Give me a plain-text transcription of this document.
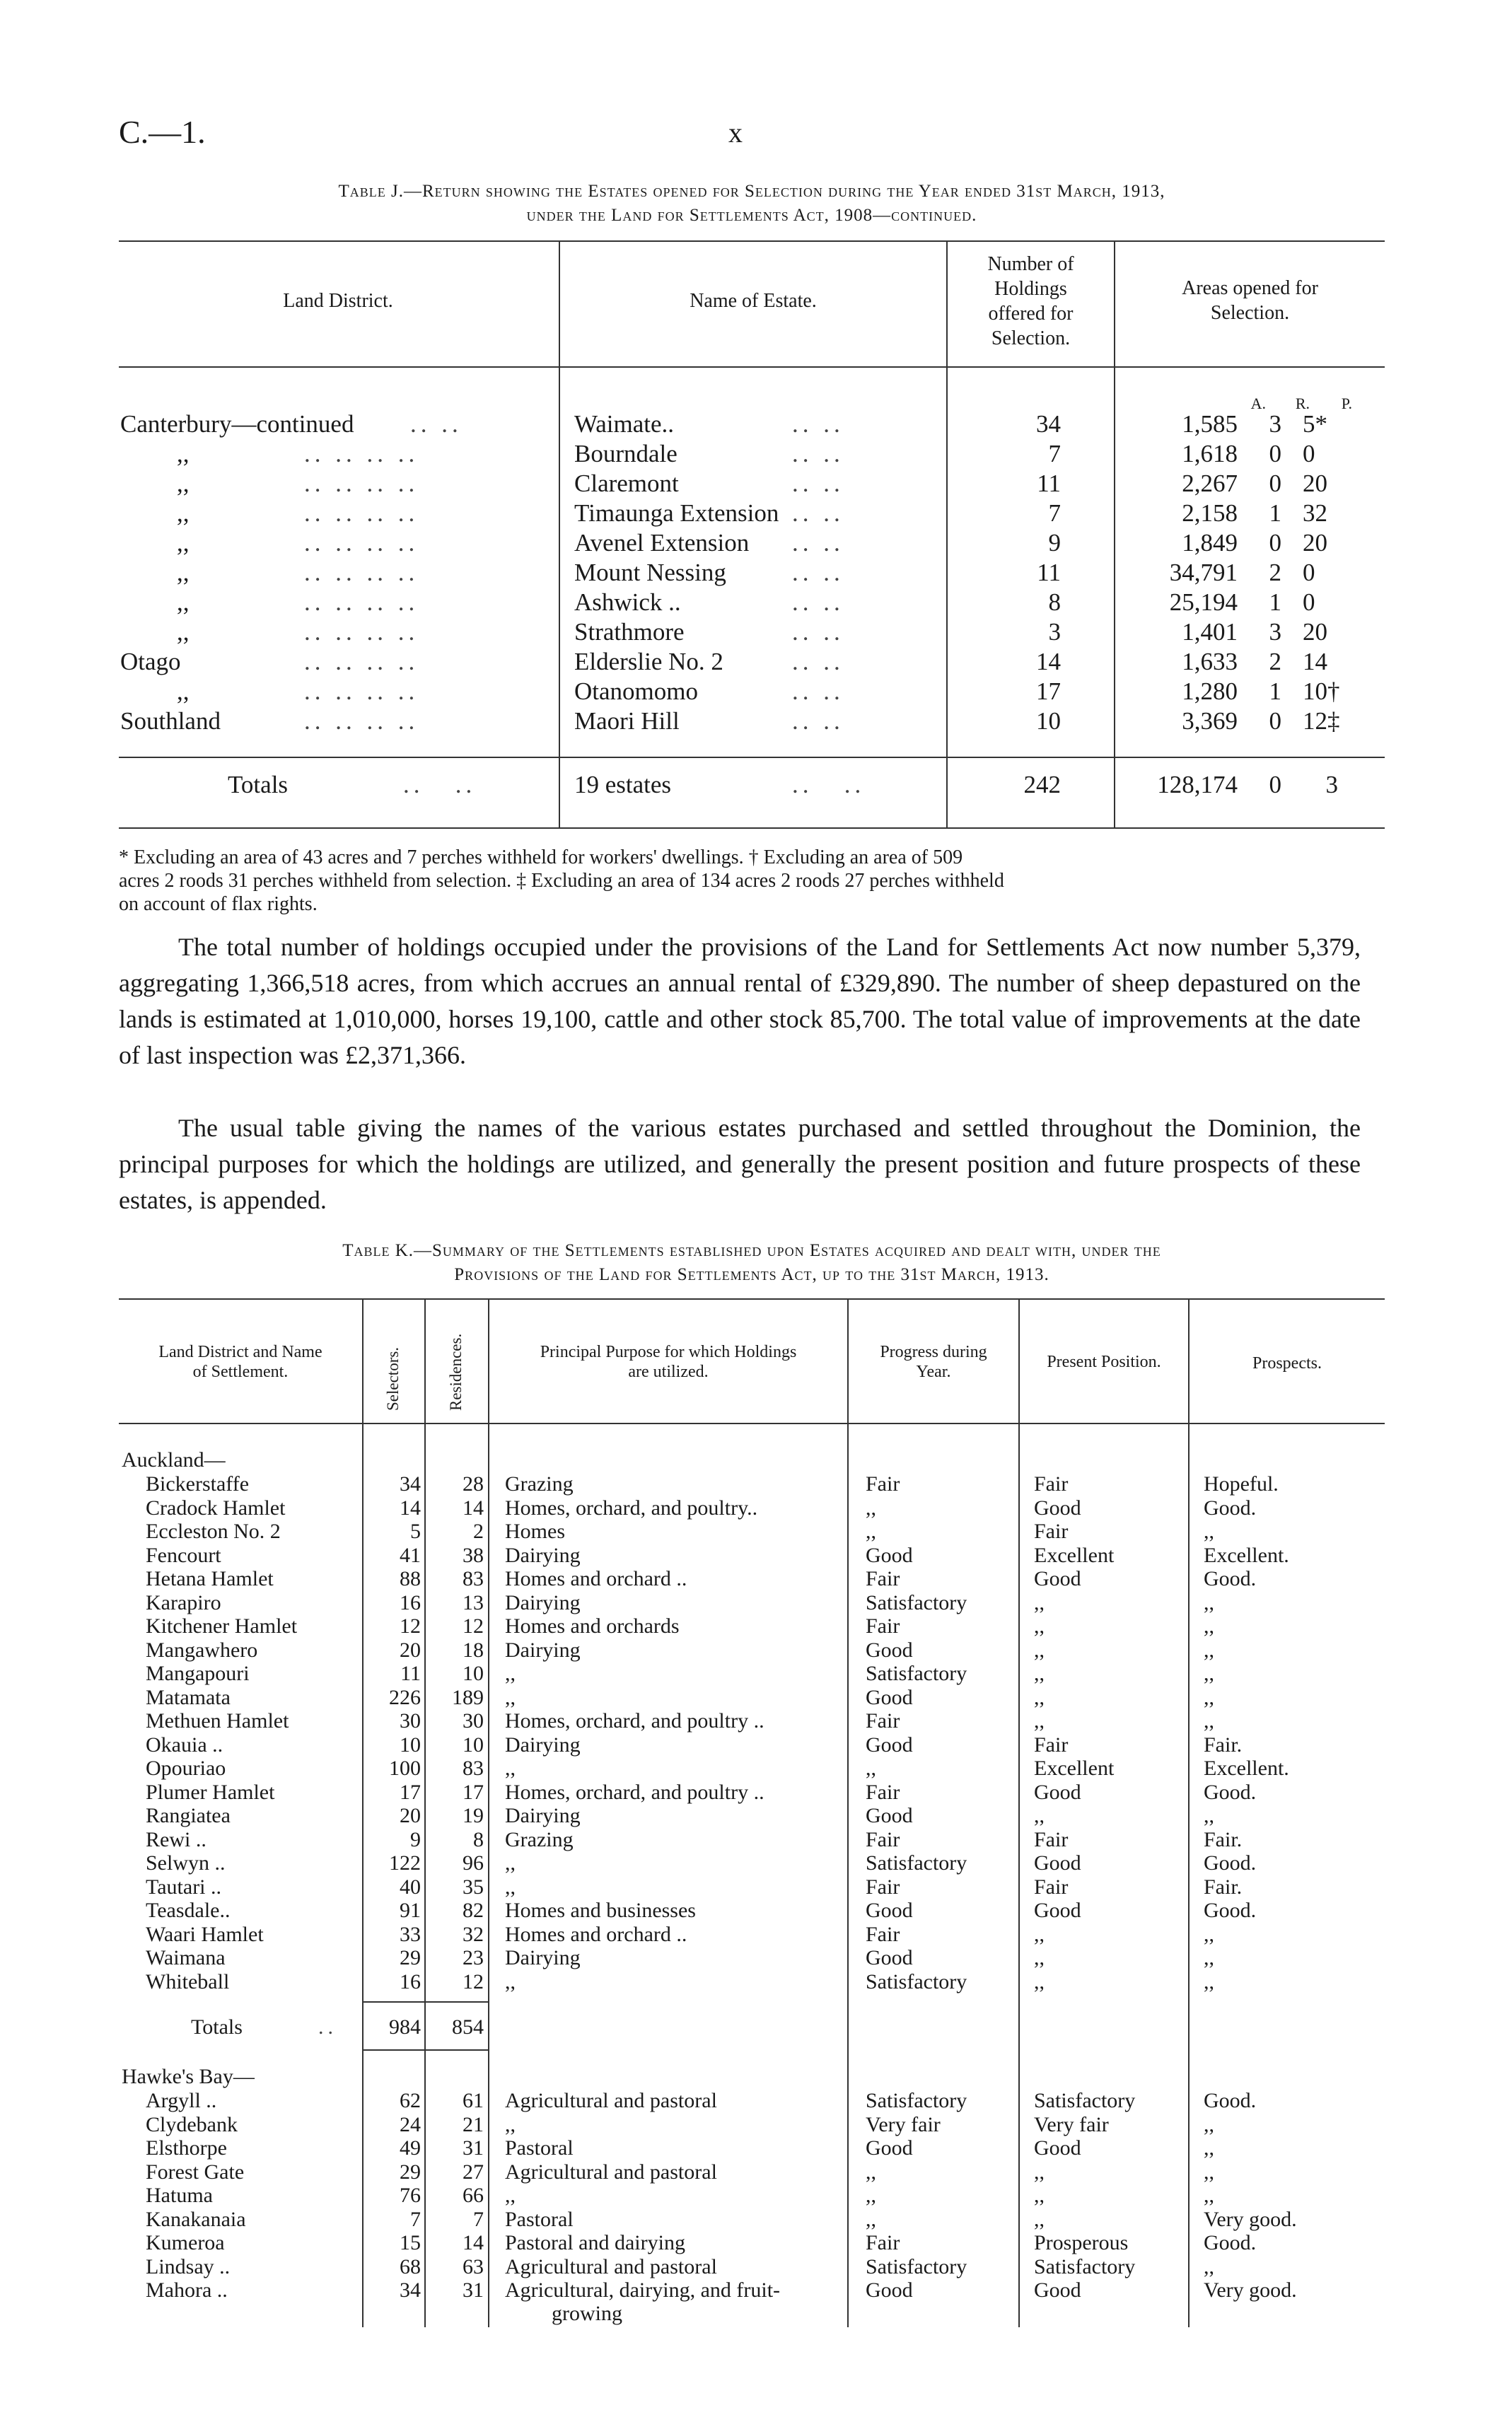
C.—1.	x
Table J.—Return showing the Estates opened for Selection during the Year ended 31st March, 1913,
under the Land for Settlements Act, 1908—continued.
Land District.	Name of Estate.
Number of
Holdings
offered for
Selection.
Areas opened for
Selection.
A.	R.	P.
Canterbury—continued .. ..	Waimate..	.. ..	34	1,585	3 5*
,,	.. .. .. ..	Bourndale	.. ..	7	1,618	0 0
,,	.. .. .. ..	Claremont	.. ..	11	2,267	0 20
,,	.. .. .. ..	Timaunga Extension .. ..	7	2,158	1 32
,,	.. .. .. ..	Avenel Extension .. ..	9	1,849	0 20
,,	.. .. .. ..	Mount Nessing	.. ..	11	34,791	2 0
,,	.. .. .. ..	Ashwick ..	.. ..	8	25,194	1 0
,,	.. .. .. ..	Strathmore	.. ..	3	1,401	3 20
Otago	.. .. .. ..	Elderslie No. 2	.. ..	14	1,633	2 14
,,	.. .. .. ..	Otanomomo	.. ..	17	1,280	1 10†
Southland	.. .. .. ..	Maori Hill	.. ..	10	3,369	0 12‡
Totals	..   ..	19 estates	..   ..	242	128,174	0	3
* Excluding an area of 43 acres and 7 perches withheld for workers' dwellings. † Excluding an area of 509
acres 2 roods 31 perches withheld from selection. ‡ Excluding an area of 134 acres 2 roods 27 perches withheld
on account of flax rights.
The total number of holdings occupied under the provisions of the Land for Settlements Act now number 5,379, aggregating 1,366,518 acres, from which accrues an annual rental of £329,890. The number of sheep depastured on the lands is estimated at 1,010,000, horses 19,100, cattle and other stock 85,700. The total value of improvements at the date of last inspection was £2,371,366.
The usual table giving the names of the various estates purchased and settled throughout the Dominion, the principal purposes for which the holdings are utilized, and generally the present position and future prospects of these estates, is appended.
Table K.—Summary of the Settlements established upon Estates acquired and dealt with, under the
Provisions of the Land for Settlements Act, up to the 31st March, 1913.
Land District and Name
of Settlement.	Selectors.	Residences.	Principal Purpose for which Holdings
are utilized.
Progress during
Year.
Present Position.	Prospects.
Auckland—
Bickerstaffe	34	28 Grazing	Fair	Fair	Hopeful.
Cradock Hamlet	14	14 Homes, orchard, and poultry..	,,	Good	Good.
Eccleston No. 2	5	2 Homes	,,	Fair	,,
Fencourt	41	38 Dairying	Good	Excellent	Excellent.
Hetana Hamlet	88	83 Homes and orchard ..	Fair	Good	Good.
Karapiro	16	13 Dairying	Satisfactory	,,	,,
Kitchener Hamlet	12	12 Homes and orchards	Fair	,,	,,
Mangawhero	20	18 Dairying	Good	,,	,,
Mangapouri	11	10 ,,	Satisfactory	,,	,,
Matamata	226	189 ,,	Good	,,	,,
Methuen Hamlet	30	30 Homes, orchard, and poultry ..	Fair	,,	,,
Okauia ..	10	10 Dairying	Good	Fair	Fair.
Opouriao	100	83 ,,	,,	Excellent	Excellent.
Plumer Hamlet	17	17 Homes, orchard, and poultry ..	Fair	Good	Good.
Rangiatea	20	19 Dairying	Good	,,	,,
Rewi ..	9	8 Grazing	Fair	Fair	Fair.
Selwyn ..	122	96 ,,	Satisfactory	Good	Good.
Tautari ..	40	35 ,,	Fair	Fair	Fair.
Teasdale..	91	82 Homes and businesses	Good	Good	Good.
Waari Hamlet	33	32 Homes and orchard ..	Fair	,,	,,
Waimana	29	23 Dairying	Good	,,	,,
Whiteball	16	12 ,,	Satisfactory	,,	,,
Totals	..	984	854
Hawke's Bay—
Argyll ..	62	61 Agricultural and pastoral	Satisfactory	Satisfactory	Good.
Clydebank	24	21 ,,	Very fair	Very fair	,,
Elsthorpe	49	31 Pastoral	Good	Good	,,
Forest Gate	29	27 Agricultural and pastoral	,,	,,	,,
Hatuma	76	66 ,,	,,	,,	,,
Kanakanaia	7	7 Pastoral	,,	,,	Very good.
Kumeroa	15	14 Pastoral and dairying	Fair	Prosperous	Good.
Lindsay ..	68	63 Agricultural and pastoral	Satisfactory	Satisfactory	,,
Mahora ..	34	31 Agricultural, dairying, and fruit-	Good	Good	Very good.
growing
